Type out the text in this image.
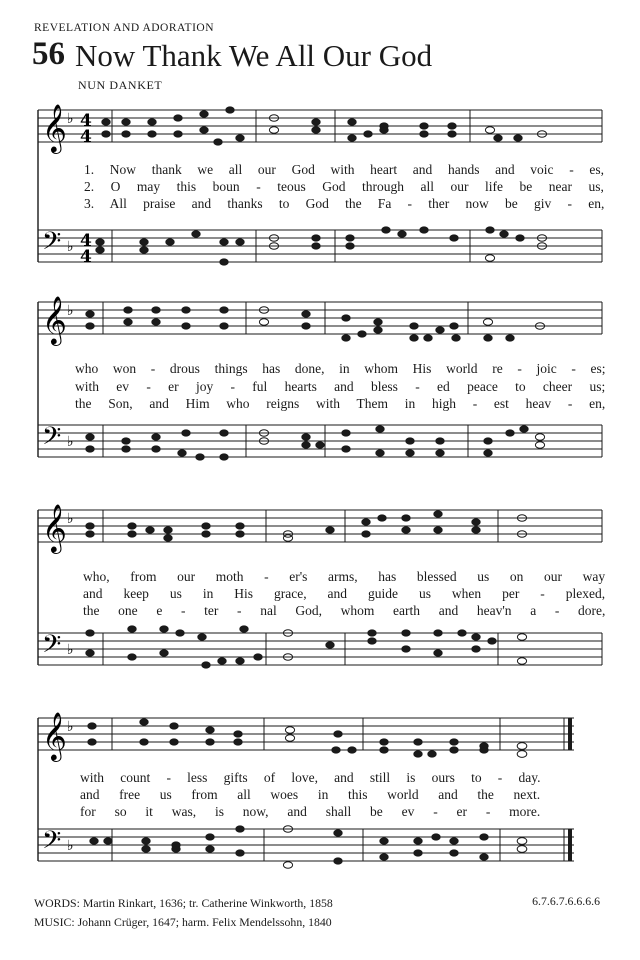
REVELATION AND ADORATION
56 Now Thank We All Our God
NUN DANKET
𝄞
𝄢
♭
♭
4
4
4
4
𝄞
𝄢
♭
♭
𝄞
𝄢
♭
♭
𝄞
𝄢
♭
♭
1. Now thank we all our God with heart and hands and voic - es,
2. O may this boun - teous God through all our life be near us,
3. All praise and thanks to God the Fa - ther now be giv - en,
who won - drous things has done, in whom His world re - joic - es;
with ev - er joy - ful hearts and bless - ed peace to cheer us;
the Son, and Him who reigns with Them in high - est heav - en,
who, from our moth - er's arms, has blessed us on our way
and keep us in His grace, and guide us when per - plexed,
the one e - ter - nal God, whom earth and heav'n a - dore,
with count - less gifts of love, and still is ours to - day.
and free us from all woes in this world and the next.
for so it was, is now, and shall be ev - er - more.
WORDS: Martin Rinkart, 1636; tr. Catherine Winkworth, 1858
MUSIC: Johann Crüger, 1647; harm. Felix Mendelssohn, 1840
6.7.6.7.6.6.6.6
